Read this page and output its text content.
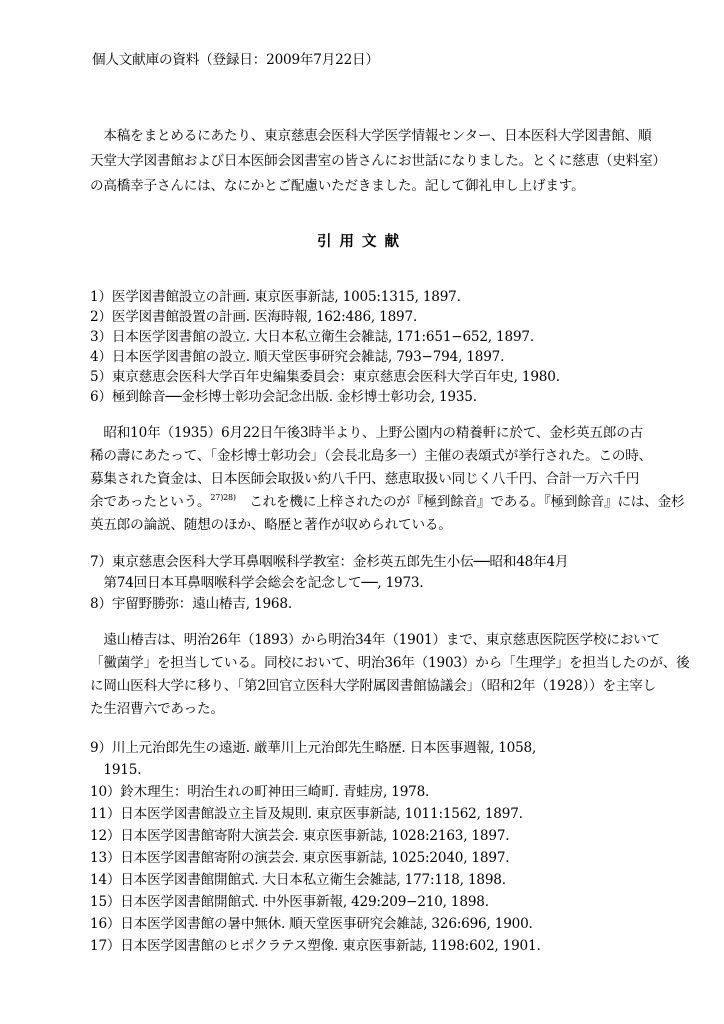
個人文献庫の資料（登録日：2009年7月22日）
　本稿をまとめるにあたり、東京慈恵会医科大学医学情報センター、日本医科大学図書館、順
天堂大学図書館および日本医師会図書室の皆さんにお世話になりました。とくに慈恵（史料室）
の高橋幸子さんには、なにかとご配慮いただきました。記して御礼申し上げます。
引用文献
1）医学図書館設立の計画. 東京医事新誌, 1005:1315, 1897.
2）医学図書館設置の計画. 医海時報, 162:486, 1897.
3）日本医学図書館の設立. 大日本私立衛生会雑誌, 171:651−652, 1897.
4）日本医学図書館の設立. 順天堂医事研究会雑誌, 793−794, 1897.
5）東京慈恵会医科大学百年史編集委員会：東京慈恵会医科大学百年史, 1980.
6）極到餘音──金杉博士彰功会記念出版. 金杉博士彰功会, 1935.
　昭和10年（1935）6月22日午後3時半より、上野公園内の精養軒に於て、金杉英五郎の古
稀の壽にあたって、「金杉博士彰功会」（会長北島多一）主催の表頌式が挙行された。この時、
募集された資金は、日本医師会取扱い約八千円、慈恵取扱い同じく八千円、合計一万六千円
余であったという。$^{27)28)}$　これを機に上梓されたのが『極到餘音』である。『極到餘音』には、金杉
英五郎の論説、随想のほか、略歴と著作が収められている。
7）東京慈恵会医科大学耳鼻咽喉科学教室：金杉英五郎先生小伝──昭和48年4月
　第74回日本耳鼻咽喉科学会総会を記念して──, 1973.
8）宇留野勝弥：遠山椿吉, 1968.
　遠山椿吉は、明治26年（1893）から明治34年（1901）まで、東京慈恵医院医学校において
「黴菌学」を担当している。同校において、明治36年（1903）から「生理学」を担当したのが、後
に岡山医科大学に移り、「第2回官立医科大学附属図書館協議会」（昭和2年（1928））を主宰し
た生沼曹六であった。
9）川上元治郎先生の遠逝. 厳華川上元治郎先生略歴. 日本医事週報, 1058,
　1915.
10）鈴木理生：明治生れの町神田三崎町. 青蛙房, 1978.
11）日本医学図書館設立主旨及規則. 東京医事新誌, 1011:1562, 1897.
12）日本医学図書館寄附大演芸会. 東京医事新誌, 1028:2163, 1897.
13）日本医学図書館寄附の演芸会. 東京医事新誌, 1025:2040, 1897.
14）日本医学図書館開館式. 大日本私立衛生会雑誌, 177:118, 1898.
15）日本医学図書館開館式. 中外医事新報, 429:209−210, 1898.
16）日本医学図書館の暑中無休. 順天堂医事研究会雑誌, 326:696, 1900.
17）日本医学図書館のヒポクラテス塑像. 東京医事新誌, 1198:602, 1901.
